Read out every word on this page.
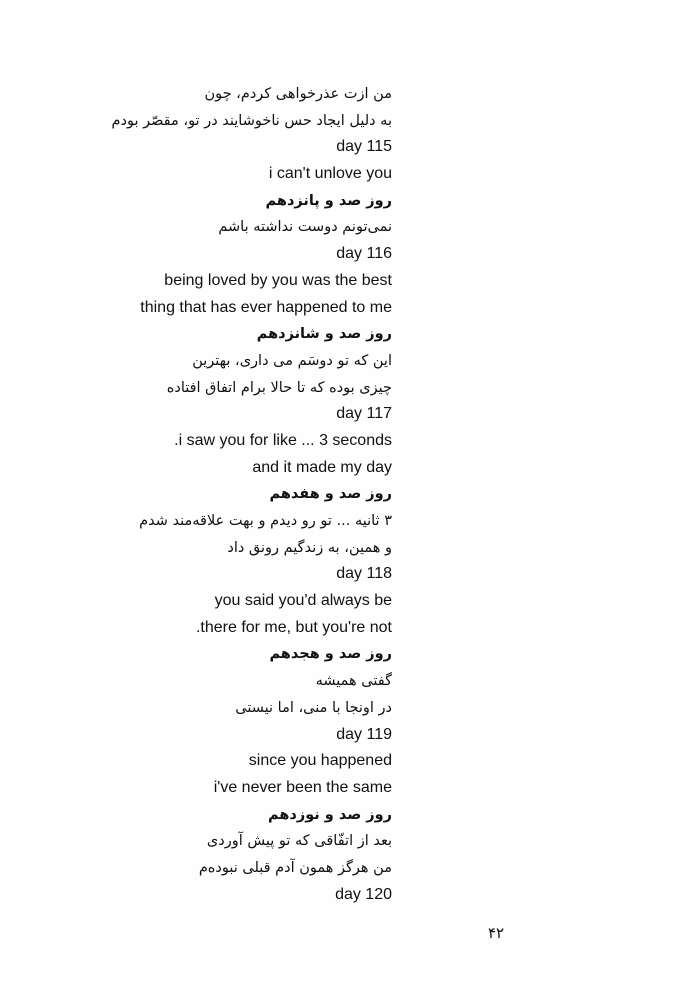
من ازت عذرخواهی کردم، چون
به دلیل ایجاد حس ناخوشایند در تو، مقصّر بودم
day 115
i can't unlove you
روز صد و پانزدهم
نمی‌تونم دوست نداشته باشم
day 116
being loved by you was the best
thing that has ever happened to me
روز صد و شانزدهم
این که تو دوسَم می داری، بهترین
چیزی بوده که تا حالا برام اتفاق افتاده
day 117
.i saw you for like ... 3 seconds
and it made my day
روز صد و هفدهم
۳ ثانیه ... تو رو دیدم و بهت علاقه‌مند شدم
و همین، به زندگیم رونق داد
day 118
you said you'd always be
.there for me, but you're not
روز صد و هجدهم
گفتی همیشه
در اونجا با منی، اما نیستی
day 119
since you happened
i've never been the same
روز صد و نوزدهم
بعد از اتفّاقی که تو پیش آوردی
من هرگز همون آدم قبلی نبوده‌م
day 120
۴۲
